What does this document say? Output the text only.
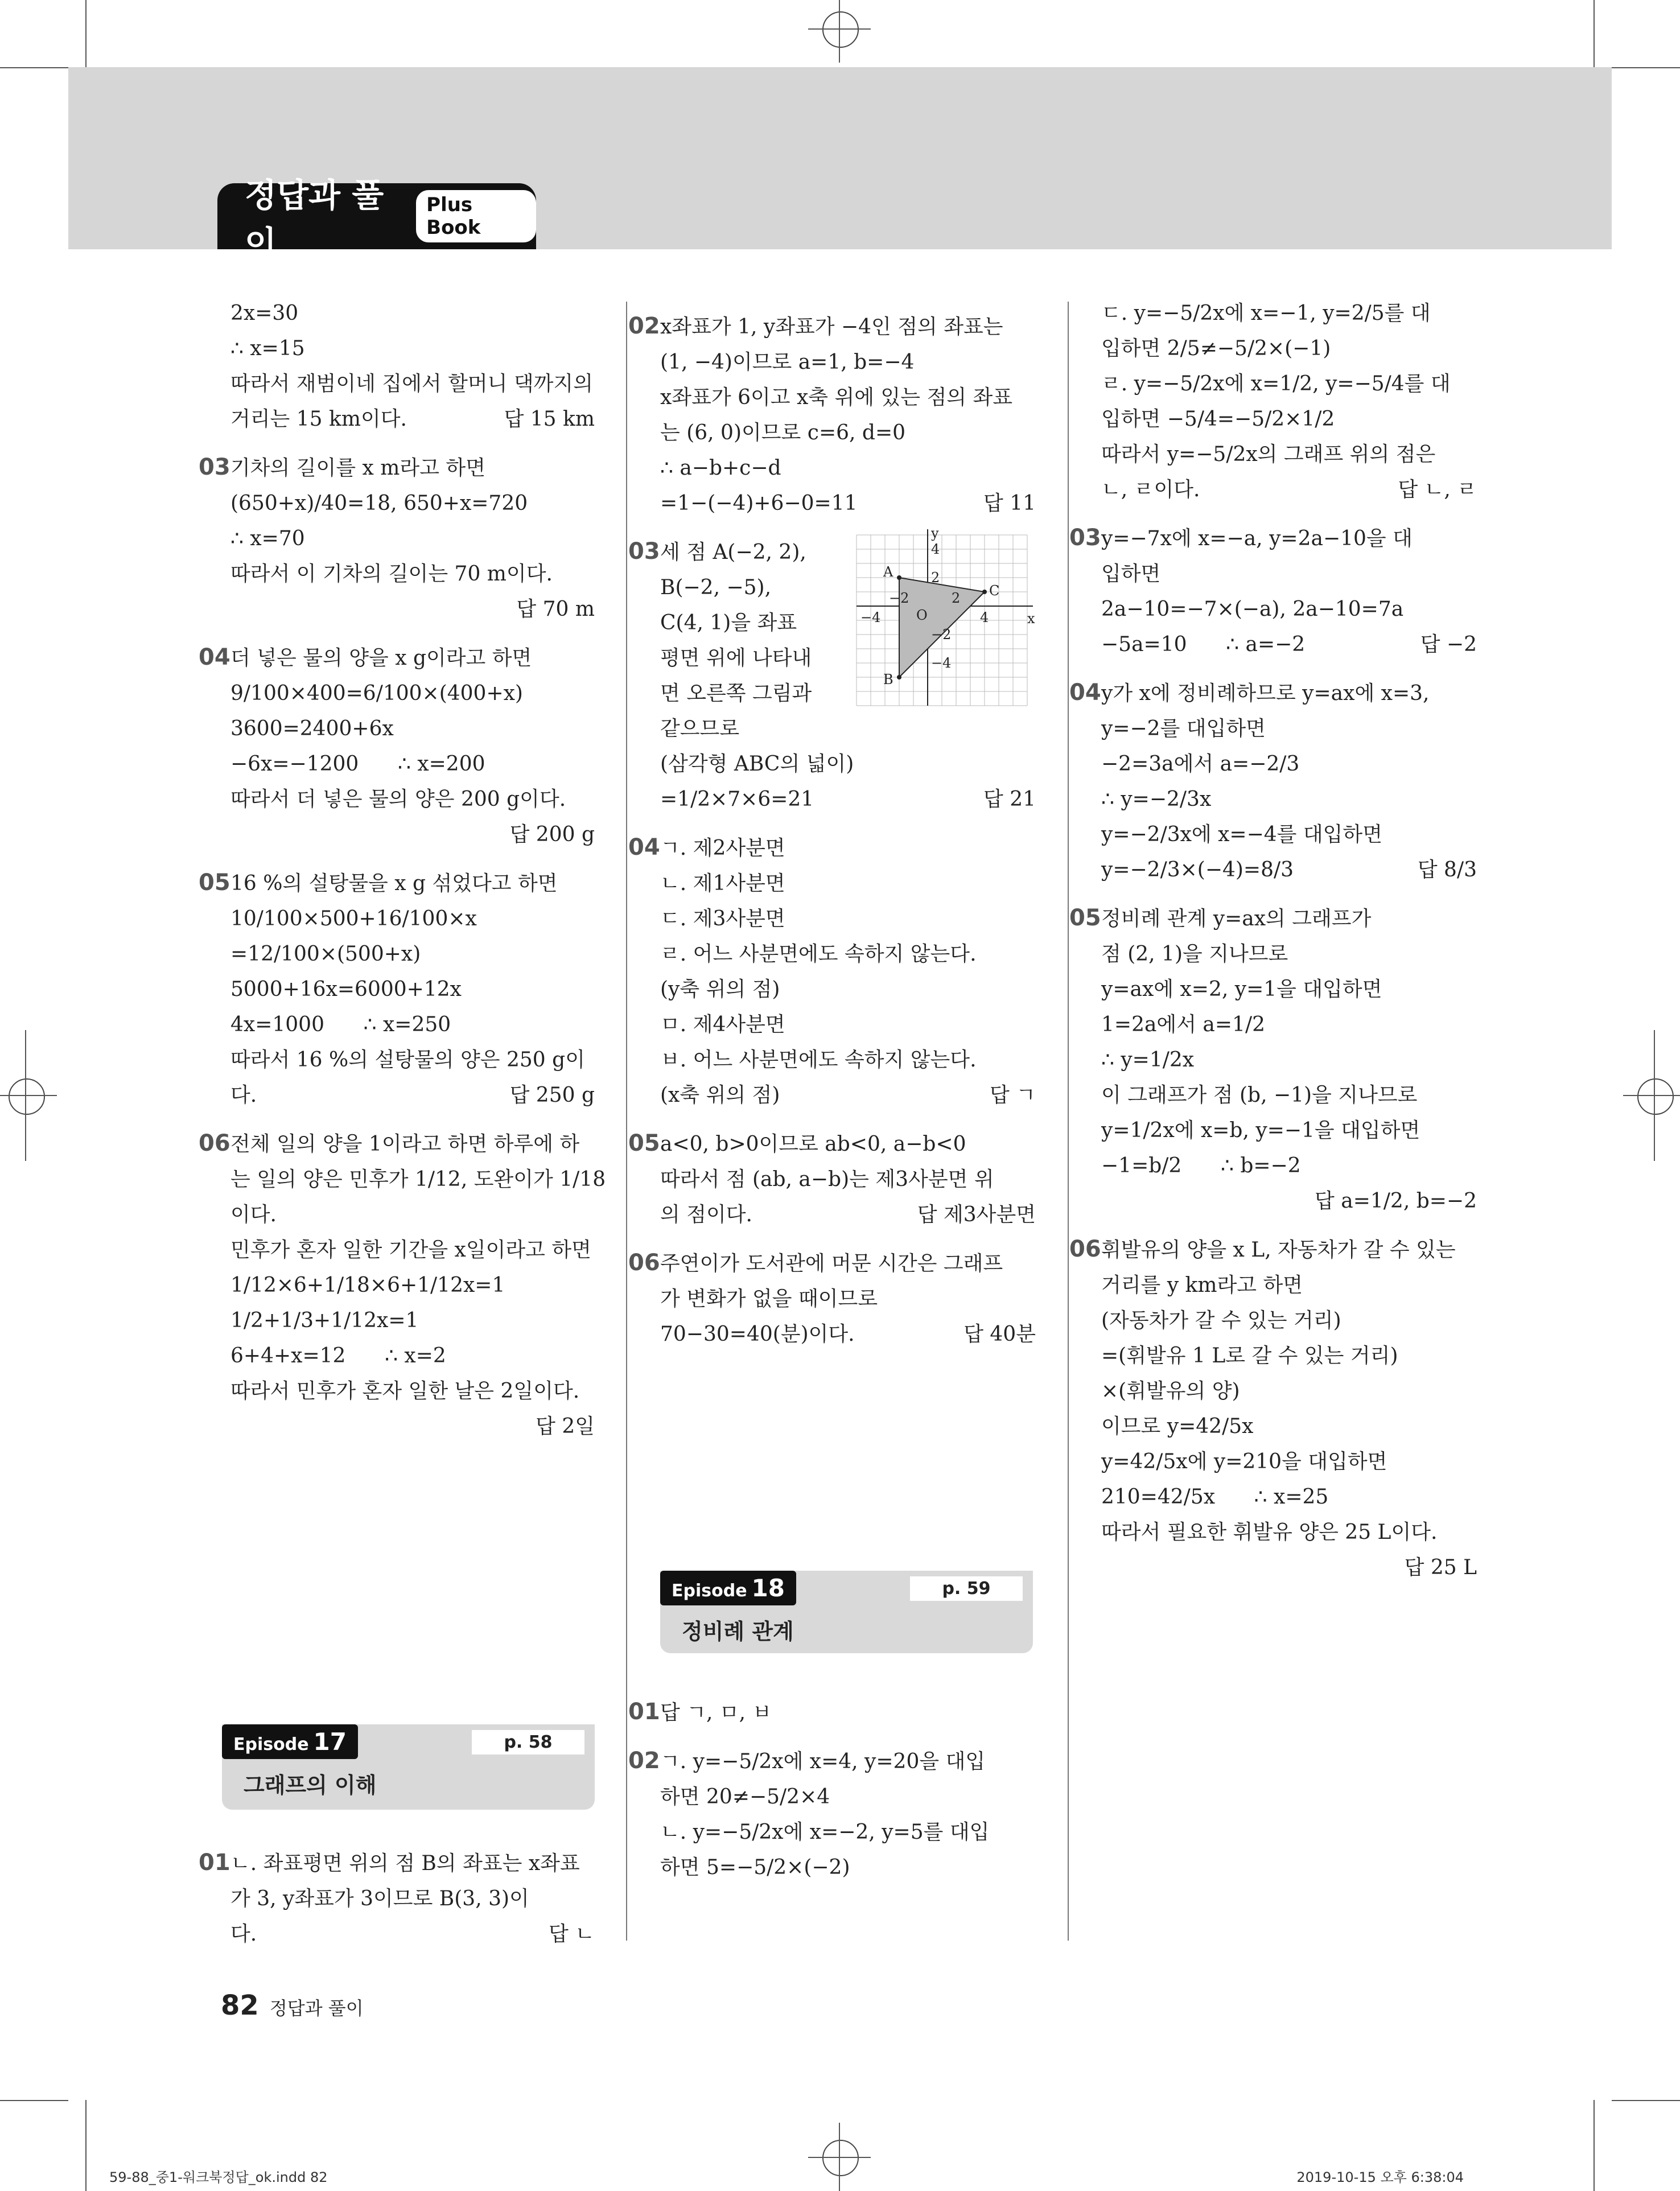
정답과 풀이
Plus Book
2x=30
∴ x=15
따라서 재범이네 집에서 할머니 댁까지의
거리는 15 km이다.	답 15 km
03기차의 길이를 x m라고 하면
(650+x)/40=18, 650+x=720
∴ x=70
따라서 이 기차의 길이는 70 m이다.
답 70 m
04더 넣은 물의 양을 x g이라고 하면
9/100×400=6/100×(400+x)
3600=2400+6x
−6x=−1200      ∴ x=200
따라서 더 넣은 물의 양은 200 g이다.
답 200 g
0516 %의 설탕물을 x g 섞었다고 하면
10/100×500+16/100×x
=12/100×(500+x)
5000+16x=6000+12x
4x=1000      ∴ x=250
따라서 16 %의 설탕물의 양은 250 g이
다.	답 250 g
06전체 일의 양을 1이라고 하면 하루에 하
는 일의 양은 민후가 1/12, 도완이가 1/18
이다.
민후가 혼자 일한 기간을 x일이라고 하면
1/12×6+1/18×6+1/12x=1
1/2+1/3+1/12x=1
6+4+x=12      ∴ x=2
따라서 민후가 혼자 일한 날은 2일이다.
답 2일
Episode 17	p. 58
그래프의 이해
01ㄴ. 좌표평면 위의 점 B의 좌표는 x좌표
가 3, y좌표가 3이므로 B(3, 3)이
다.	답 ㄴ
02x좌표가 1, y좌표가 −4인 점의 좌표는
(1, −4)이므로 a=1, b=−4
x좌표가 6이고 x축 위에 있는 점의 좌표
는 (6, 0)이므로 c=6, d=0
∴ a−b+c−d
=1−(−4)+6−0=11	답 11
03세 점 A(−2, 2),
B(−2, −5),
C(4, 1)을 좌표
평면 위에 나타내
면 오른쪽 그림과
같으므로
(삼각형 ABC의 넓이)
=1/2×7×6=21	답 21
04ㄱ. 제2사분면
ㄴ. 제1사분면
ㄷ. 제3사분면
ㄹ. 어느 사분면에도 속하지 않는다.
(y축 위의 점)
ㅁ. 제4사분면
ㅂ. 어느 사분면에도 속하지 않는다.
(x축 위의 점)	답 ㄱ
05a<0, b>0이므로 ab<0, a−b<0
따라서 점 (ab, a−b)는 제3사분면 위
의 점이다.	답 제3사분면
06주연이가 도서관에 머문 시간은 그래프
가 변화가 없을 때이므로
70−30=40(분)이다.	답 40분
y
x
O
A
B
C
4
2
−2
−4
2
4
−2
−4
Episode 18	p. 59
정비례 관계
01답 ㄱ, ㅁ, ㅂ
02ㄱ. y=−5/2x에 x=4, y=20을 대입
하면 20≠−5/2×4
ㄴ. y=−5/2x에 x=−2, y=5를 대입
하면 5=−5/2×(−2)
ㄷ. y=−5/2x에 x=−1, y=2/5를 대
입하면 2/5≠−5/2×(−1)
ㄹ. y=−5/2x에 x=1/2, y=−5/4를 대
입하면 −5/4=−5/2×1/2
따라서 y=−5/2x의 그래프 위의 점은
ㄴ, ㄹ이다.	답 ㄴ, ㄹ
03y=−7x에 x=−a, y=2a−10을 대
입하면
2a−10=−7×(−a), 2a−10=7a
−5a=10      ∴ a=−2	답 −2
04y가 x에 정비례하므로 y=ax에 x=3,
y=−2를 대입하면
−2=3a에서 a=−2/3
∴ y=−2/3x
y=−2/3x에 x=−4를 대입하면
y=−2/3×(−4)=8/3	답 8/3
05정비례 관계 y=ax의 그래프가
점 (2, 1)을 지나므로
y=ax에 x=2, y=1을 대입하면
1=2a에서 a=1/2
∴ y=1/2x
이 그래프가 점 (b, −1)을 지나므로
y=1/2x에 x=b, y=−1을 대입하면
−1=b/2      ∴ b=−2
답 a=1/2, b=−2
06휘발유의 양을 x L, 자동차가 갈 수 있는
거리를 y km라고 하면
(자동차가 갈 수 있는 거리)
=(휘발유 1 L로 갈 수 있는 거리)
×(휘발유의 양)
이므로 y=42/5x
y=42/5x에 y=210을 대입하면
210=42/5x      ∴ x=25
따라서 필요한 휘발유 양은 25 L이다.
답 25 L
82 정답과 풀이
59-88_중1-워크북정답_ok.indd 82	2019-10-15 오후 6:38:04
